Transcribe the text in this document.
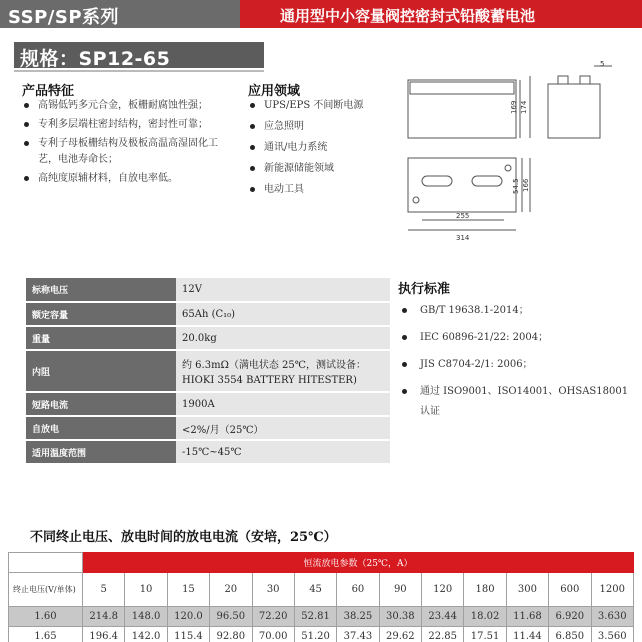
SSP/SP系列	通用型中小容量阀控密封式铅酸蓄电池
规格：SP12-65
产品特征
高锡低钙多元合金，板栅耐腐蚀性强；
专利多层端柱密封结构，密封性可靠；
专利子母板栅结构及极板高温高湿固化工艺，电池寿命长；
高纯度原辅材料，自放电率低。
应用领域
UPS/EPS 不间断电源
应急照明
通讯/电力系统
新能源储能领域
电动工具
169 174
5
166
54.5
255
314
标称电压	12V
额定容量	65Ah (C₁₀)
重量	20.0kg
内阻	约 6.3mΩ（满电状态 25℃，测试设备：
HIOKI 3554 BATTERY HITESTER)

短路电流	1900A
自放电	<2%/月（25℃）
适用温度范围	-15℃~45℃
执行标准
GB/T 19638.1-2014；
IEC 60896-21/22: 2004；
JIS C8704-2/1: 2006；
通过 ISO9001、ISO14001、OHSAS18001
认证
不同终止电压、放电时间的放电电流（安培，25℃）
	恒流放电参数（25℃，A）												
终止电压(V/单体)	5	10	15	20	30	45	60	90	120	180	300	600	1200
1.60	214.8	148.0	120.0	96.50	72.20	52.81	38.25	30.38	23.44	18.02	11.68	6.920	3.630
1.65	196.4	142.0	115.4	92.80	70.00	51.20	37.43	29.62	22.85	17.51	11.44	6.850	3.560
